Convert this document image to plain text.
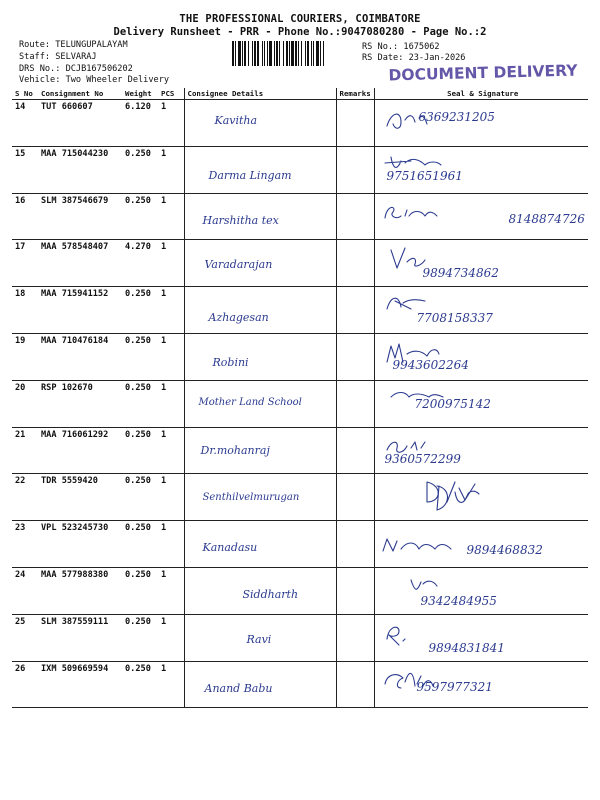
THE PROFESSIONAL COURIERS, COIMBATORE
Delivery Runsheet - PRR - Phone No.:9047080280 - Page No.:2
Route: TELUNGUPALAYAM
Staff: SELVARAJ
DRS No.: DCJB167506202
Vehicle: Two Wheeler Delivery
RS No.: 1675062
RS Date: 23-Jan-2026
DOCUMENT DELIVERY
S No	Consignment No	Weight	PCS	Consignee Details	Remarks	Seal & Signature
14	TUT 660607	6.120	1	Kavitha		6369231205

15	MAA 715044230	0.250	1	Darma Lingam		9751651961

16	SLM 387546679	0.250	1	Harshitha tex		8148874726

17	MAA 578548407	4.270	1	Varadarajan		9894734862

18	MAA 715941152	0.250	1	Azhagesan		7708158337

19	MAA 710476184	0.250	1	Robini		9943602264

20	RSP 102670	0.250	1	Mother Land School		7200975142

21	MAA 716061292	0.250	1	Dr.mohanraj		9360572299

22	TDR 5559420	0.250	1	Senthilvelmurugan

23	VPL 523245730	0.250	1	Kanadasu		9894468832

24	MAA 577988380	0.250	1	Siddharth		9342484955

25	SLM 387559111	0.250	1	Ravi		9894831841

26	IXM 509669594	0.250	1	Anand Babu		9597977321
